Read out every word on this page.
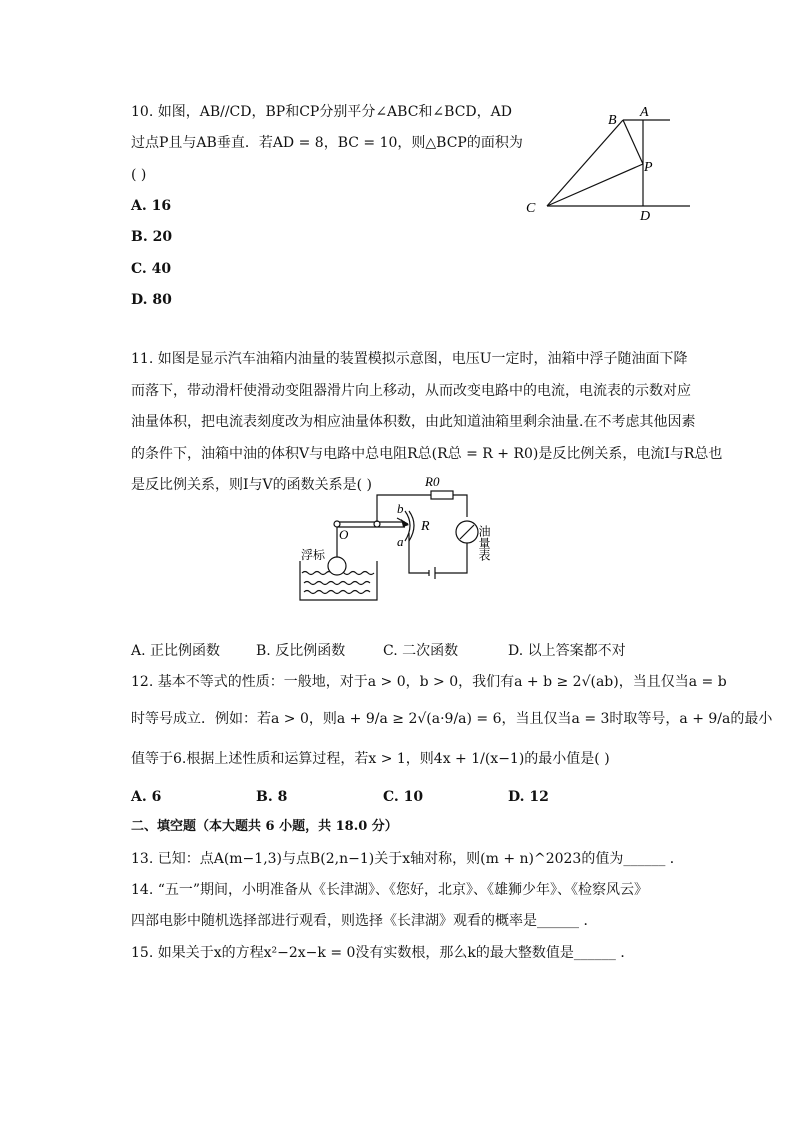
10. 如图，AB//CD，BP和CP分别平分∠ABC和∠BCD，AD
过点P且与AB垂直．若AD = 8，BC = 10，则△BCP的面积为
( )
A. 16
B. 20
C. 40
D. 80
B
A
P
C
D
11. 如图是显示汽车油箱内油量的装置模拟示意图，电压U一定时，油箱中浮子随油面下降
而落下，带动滑杆使滑动变阻器滑片向上移动，从而改变电路中的电流，电流表的示数对应
油量体积，把电流表刻度改为相应油量体积数，由此知道油箱里剩余油量.在不考虑其他因素
的条件下，油箱中油的体积V与电路中总电阻R总(R总 = R + R0)是反比例关系，电流I与R总也
是反比例关系，则I与V的函数关系是( )	R0
R
O
b
a
浮标	油量表
A. 正比例函数	B. 反比例函数	C. 二次函数	D. 以上答案都不对
12. 基本不等式的性质：一般地，对于a > 0，b > 0，我们有a + b ≥ 2√(ab)，当且仅当a = b
时等号成立．例如：若a > 0，则a + 9/a ≥ 2√(a·9/a) = 6，当且仅当a = 3时取等号，a + 9/a的最小
值等于6.根据上述性质和运算过程，若x > 1，则4x + 1/(x−1)的最小值是( )
A. 6	B. 8	C. 10	D. 12
二、填空题（本大题共 6 小题，共 18.0 分）
13. 已知：点A(m−1,3)与点B(2,n−1)关于x轴对称，则(m + n)^2023的值为______ ．
14. “五一”期间，小明准备从《长津湖》、《您好，北京》、《雄狮少年》、《检察风云》
四部电影中随机选择部进行观看，则选择《长津湖》观看的概率是______ ．
15. 如果关于x的方程x²−2x−k = 0没有实数根，那么k的最大整数值是______ ．
